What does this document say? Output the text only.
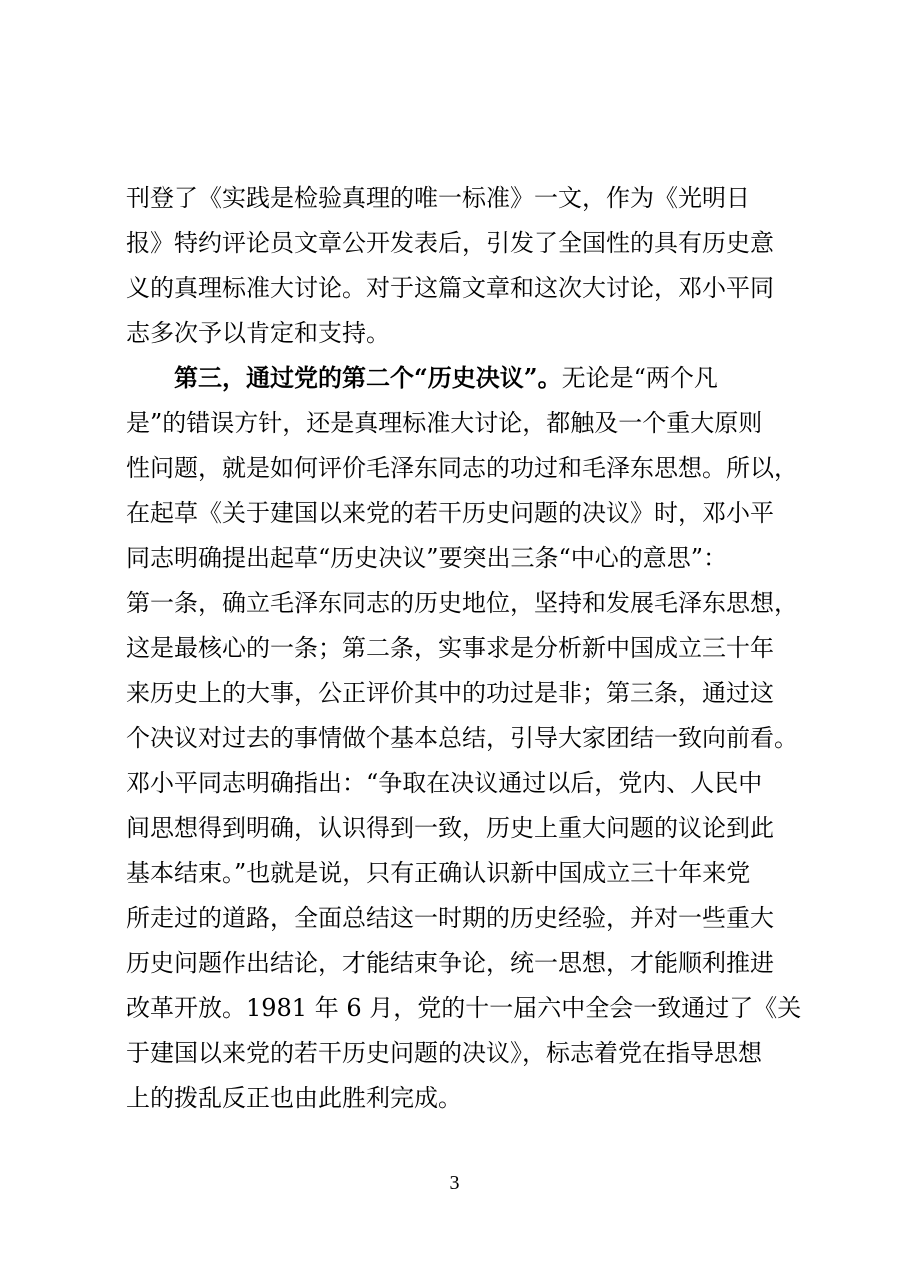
刊登了《实践是检验真理的唯一标准》一文，作为《光明日
报》特约评论员文章公开发表后，引发了全国性的具有历史意
义的真理标准大讨论。对于这篇文章和这次大讨论，邓小平同
志多次予以肯定和支持。
第三，通过党的第二个“历史决议”。无论是“两个凡
是”的错误方针，还是真理标准大讨论，都触及一个重大原则
性问题，就是如何评价毛泽东同志的功过和毛泽东思想。所以，
在起草《关于建国以来党的若干历史问题的决议》时，邓小平
同志明确提出起草“历史决议”要突出三条“中心的意思”：
第一条，确立毛泽东同志的历史地位，坚持和发展毛泽东思想，
这是最核心的一条；第二条，实事求是分析新中国成立三十年
来历史上的大事，公正评价其中的功过是非；第三条，通过这
个决议对过去的事情做个基本总结，引导大家团结一致向前看。
邓小平同志明确指出：“争取在决议通过以后，党内、人民中
间思想得到明确，认识得到一致，历史上重大问题的议论到此
基本结束。”也就是说，只有正确认识新中国成立三十年来党
所走过的道路，全面总结这一时期的历史经验，并对一些重大
历史问题作出结论，才能结束争论，统一思想，才能顺利推进
改革开放。1981 年 6 月，党的十一届六中全会一致通过了《关
于建国以来党的若干历史问题的决议》，标志着党在指导思想
上的拨乱反正也由此胜利完成。
3
